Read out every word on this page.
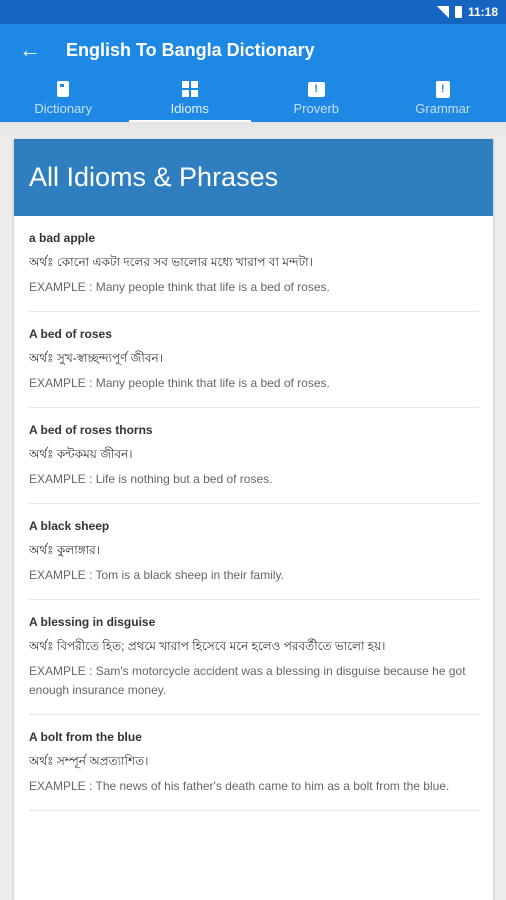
11:18
←	English To Bangla Dictionary
Dictionary	Idioms
!
Proverb
!
Grammar
All Idioms & Phrases
a bad apple
অর্থঃ কোনো একটা দলের সব ভালোর মধ্যে খারাপ বা মন্দটা।
EXAMPLE : Many people think that life is a bed of roses.
A bed of roses
অর্থঃ সুখ-স্বাচ্ছন্দ্যপূর্ণ জীবন।
EXAMPLE : Many people think that life is a bed of roses.
A bed of roses thorns
অর্থঃ কন্টকময় জীবন।
EXAMPLE : Life is nothing but a bed of roses.
A black sheep
অর্থঃ কুলাঙ্গার।
EXAMPLE : Tom is a black sheep in their family.
A blessing in disguise
অর্থঃ বিপরীতে হিত; প্রথমে খারাপ হিসেবে মনে হলেও পরবর্তীতে ভালো হয়।
EXAMPLE : Sam's motorcycle accident was a blessing in disguise because he got enough insurance money.
A bolt from the blue
অর্থঃ সম্পূর্ন অপ্রত্যাশিত।
EXAMPLE : The news of his father's death came to him as a bolt from the blue.
